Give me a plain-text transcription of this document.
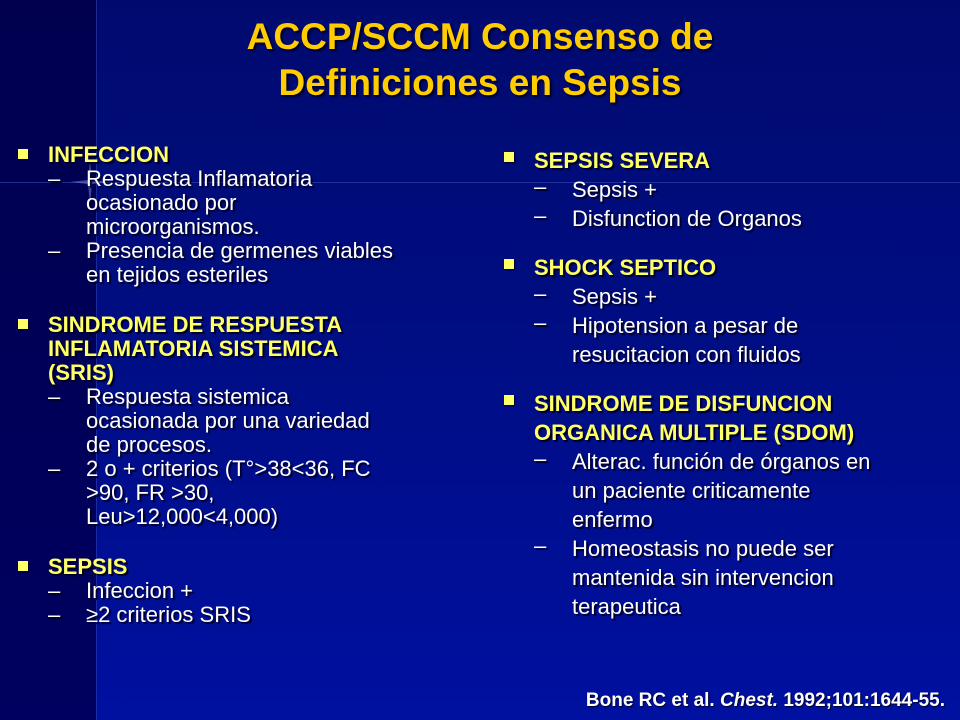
ACCP/SCCM Consenso de
Definiciones en Sepsis
INFECCION
– Respuesta Inflamatoria
ocasionado por
microorganismos.
– Presencia de germenes viables
en tejidos esteriles
SINDROME DE RESPUESTA
INFLAMATORIA SISTEMICA
(SRIS)
– Respuesta sistemica
ocasionada por una variedad
de procesos.
– 2 o + criterios (T°>38<36, FC
>90, FR >30,
Leu>12,000<4,000)
SEPSIS
– Infeccion +
– ≥2 criterios SRIS
SEPSIS SEVERA
– Sepsis +
– Disfunction de Organos
SHOCK SEPTICO
– Sepsis +
– Hipotension a pesar de
resucitacion con fluidos
SINDROME DE DISFUNCION
ORGANICA MULTIPLE (SDOM)
– Alterac. función de órganos en
un paciente criticamente
enfermo
– Homeostasis no puede ser
mantenida sin intervencion
terapeutica
Bone RC et al. Chest. 1992;101:1644-55.
